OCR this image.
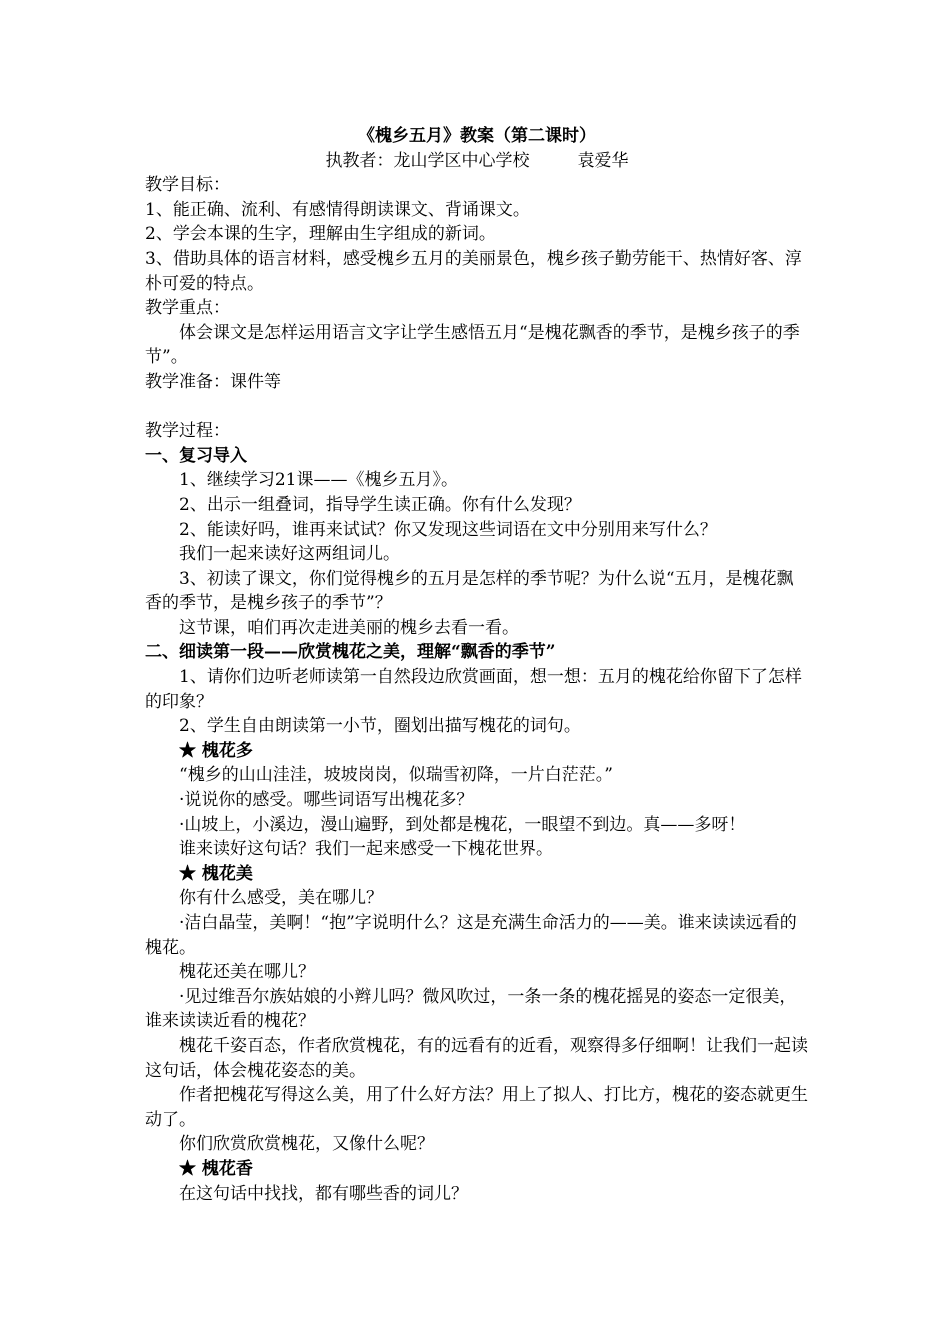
《槐乡五月》教案（第二课时）

执教者：龙山学区中心学校	袁爱华

教学目标：

1、能正确、流利、有感情得朗读课文、背诵课文。

2、学会本课的生字，理解由生字组成的新词。

3、借助具体的语言材料，感受槐乡五月的美丽景色，槐乡孩子勤劳能干、热情好客、淳朴可爱的特点。

教学重点：

体会课文是怎样运用语言文字让学生感悟五月“是槐花飘香的季节，是槐乡孩子的季节”。

教学准备：课件等

教学过程：

一、复习导入

1、继续学习21课——《槐乡五月》。

2、出示一组叠词，指导学生读正确。你有什么发现？

2、能读好吗，谁再来试试？你又发现这些词语在文中分别用来写什么？

我们一起来读好这两组词儿。

3、初读了课文，你们觉得槐乡的五月是怎样的季节呢？为什么说“五月，是槐花飘香的季节，是槐乡孩子的季节”？

这节课，咱们再次走进美丽的槐乡去看一看。

二、细读第一段——欣赏槐花之美，理解“飘香的季节”

1、请你们边听老师读第一自然段边欣赏画面，想一想：五月的槐花给你留下了怎样的印象？

2、学生自由朗读第一小节，圈划出描写槐花的词句。

★ 槐花多

“槐乡的山山洼洼，坡坡岗岗，似瑞雪初降，一片白茫茫。”

·说说你的感受。哪些词语写出槐花多？

·山坡上，小溪边，漫山遍野，到处都是槐花，一眼望不到边。真——多呀！

谁来读好这句话？我们一起来感受一下槐花世界。

★ 槐花美

你有什么感受，美在哪儿？

·洁白晶莹，美啊！“抱”字说明什么？这是充满生命活力的——美。谁来读读远看的槐花。

槐花还美在哪儿？

·见过维吾尔族姑娘的小辫儿吗？微风吹过，一条一条的槐花摇晃的姿态一定很美，谁来读读近看的槐花？

槐花千姿百态，作者欣赏槐花，有的远看有的近看，观察得多仔细啊！让我们一起读这句话，体会槐花姿态的美。

作者把槐花写得这么美，用了什么好方法？用上了拟人、打比方，槐花的姿态就更生动了。

你们欣赏欣赏槐花，又像什么呢？

★ 槐花香

在这句话中找找，都有哪些香的词儿？
